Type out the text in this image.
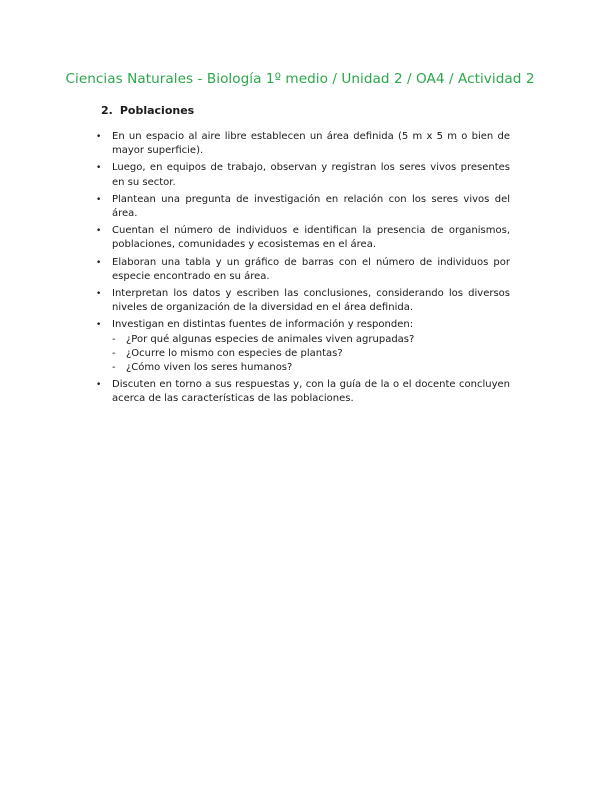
Ciencias Naturales - Biología 1º medio / Unidad 2 / OA4 / Actividad 2
2. Poblaciones
• En un espacio al aire libre establecen un área definida (5 m x 5 m o bien de mayor superficie).
• Luego, en equipos de trabajo, observan y registran los seres vivos presentes en su sector.
• Plantean una pregunta de investigación en relación con los seres vivos del área.
• Cuentan el número de individuos e identifican la presencia de organismos, poblaciones, comunidades y ecosistemas en el área.
• Elaboran una tabla y un gráfico de barras con el número de individuos por especie encontrado en su área.
• Interpretan los datos y escriben las conclusiones, considerando los diversos niveles de organización de la diversidad en el área definida.
• Investigan en distintas fuentes de información y responden:
- ¿Por qué algunas especies de animales viven agrupadas?
- ¿Ocurre lo mismo con especies de plantas?
- ¿Cómo viven los seres humanos?
• Discuten en torno a sus respuestas y, con la guía de la o el docente concluyen acerca de las características de las poblaciones.
